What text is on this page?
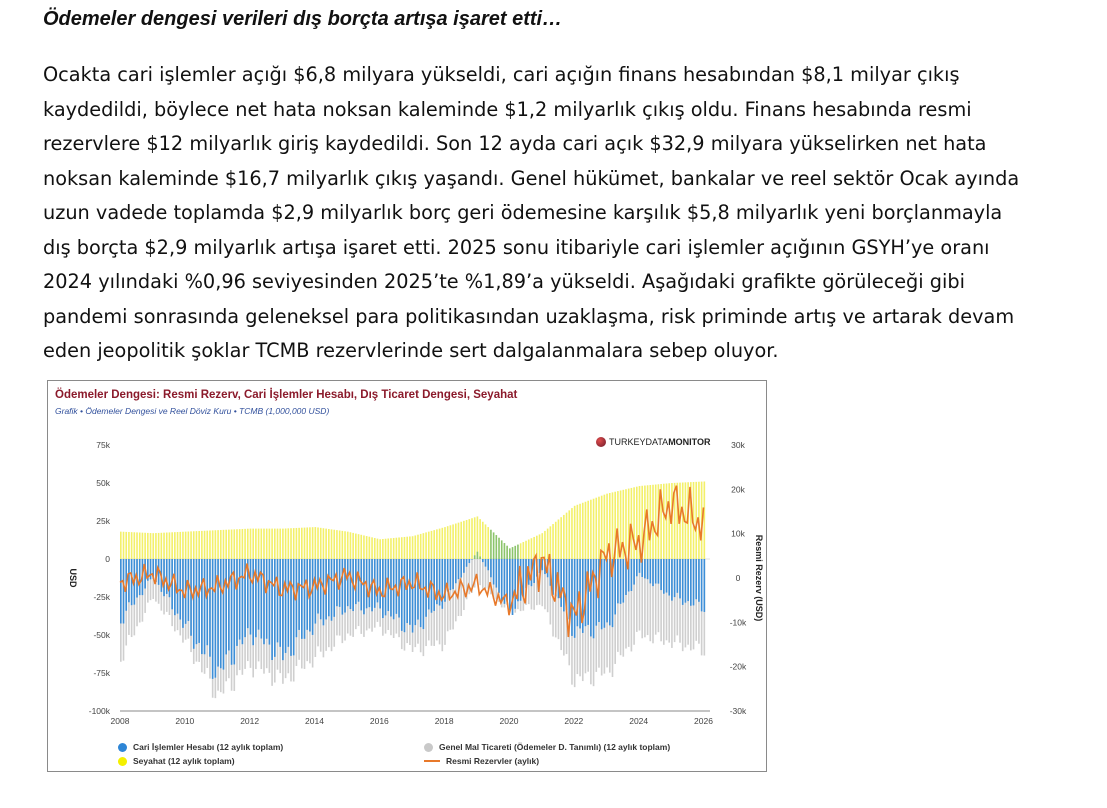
Ödemeler dengesi verileri dış borçta artışa işaret etti…
Ocakta cari işlemler açığı $6,8 milyara yükseldi, cari açığın finans hesabından $8,1 milyar çıkış
kaydedildi, böylece net hata noksan kaleminde $1,2 milyarlık çıkış oldu. Finans hesabında resmi
rezervlere $12 milyarlık giriş kaydedildi. Son 12 ayda cari açık $32,9 milyara yükselirken net hata
noksan kaleminde $16,7 milyarlık çıkış yaşandı. Genel hükümet, bankalar ve reel sektör Ocak ayında
uzun vadede toplamda $2,9 milyarlık borç geri ödemesine karşılık $5,8 milyarlık yeni borçlanmayla
dış borçta $2,9 milyarlık artışa işaret etti. 2025 sonu itibariyle cari işlemler açığının GSYH’ye oranı
2024 yılındaki %0,96 seviyesinden 2025’te %1,89’a yükseldi. Aşağıdaki grafikte görüleceği gibi
pandemi sonrasında geleneksel para politikasından uzaklaşma, risk priminde artış ve artarak devam
eden jeopolitik şoklar TCMB rezervlerinde sert dalgalanmalara sebep oluyor.
Ödemeler Dengesi: Resmi Rezerv, Cari İşlemler Hesabı, Dış Ticaret Dengesi, Seyahat
Grafik • Ödemeler Dengesi ve Reel Döviz Kuru • TCMB (1,000,000 USD)
TURKEYDATA MONITOR
75k
50k
25k
0
-25k
-50k
-75k
-100k
30k
20k
10k
0
-10k
-20k
-30k
2008	2010	2012	2014	2016	2018	2020	2022	2024	2026
USD	Resmi Rezerv (USD)
Cari İşlemler Hesabı (12 aylık toplam)	Genel Mal Ticareti (Ödemeler D. Tanımlı) (12 aylık toplam)
Seyahat (12 aylık toplam)	Resmi Rezervler (aylık)
